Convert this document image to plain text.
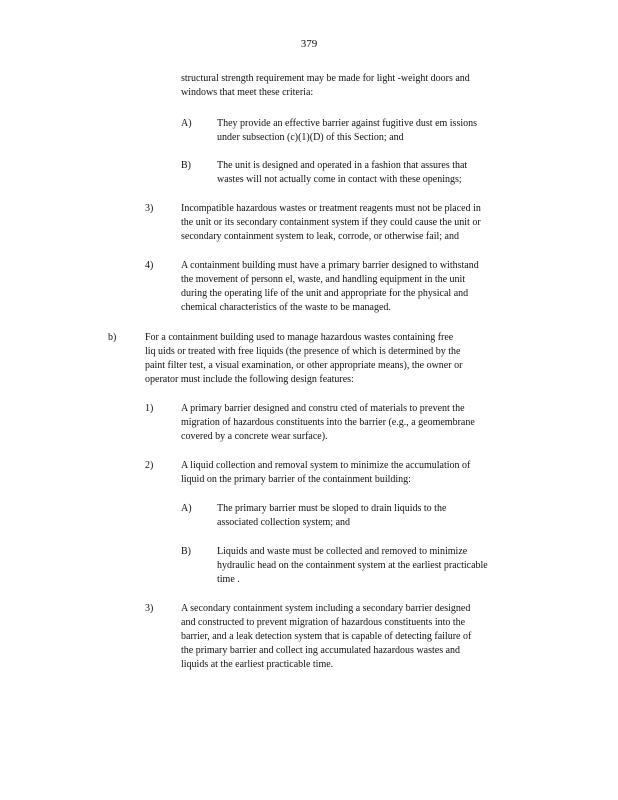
379
structural strength requirement may be made for light -weight doors and
windows that meet these criteria:
A)	They provide an effective barrier against fugitive dust em issions
under subsection (c)(1)(D) of this Section; and
B)	The unit is designed and operated in a fashion that assures that
wastes will not actually come in contact with these openings;
3)	Incompatible hazardous wastes or treatment reagents must not be placed in
the unit or its secondary containment system if they could cause the unit or
secondary containment system to leak, corrode, or otherwise fail; and
4)	A containment building must have a primary barrier designed to withstand
the movement of personn el, waste, and handling equipment in the unit
during the operating life of the unit and appropriate for the physical and
chemical characteristics of the waste to be managed.
b)	For a containment building used to manage hazardous wastes containing free
liq uids or treated with free liquids (the presence of which is determined by the
paint filter test, a visual examination, or other appropriate means), the owner or
operator must include the following design features:
1)	A primary barrier designed and constru cted of materials to prevent the
migration of hazardous constituents into the barrier (e.g., a geomembrane
covered by a concrete wear surface).
2)	A liquid collection and removal system to minimize the accumulation of
liquid on the primary barrier of the containment building:
A)	The primary barrier must be sloped to drain liquids to the
associated collection system; and
B)	Liquids and waste must be collected and removed to minimize
hydraulic head on the containment system at the earliest practicable
time .
3)	A secondary containment system including a secondary barrier designed
and constructed to prevent migration of hazardous constituents into the
barrier, and a leak detection system that is capable of detecting failure of
the primary barrier and collect ing accumulated hazardous wastes and
liquids at the earliest practicable time.
